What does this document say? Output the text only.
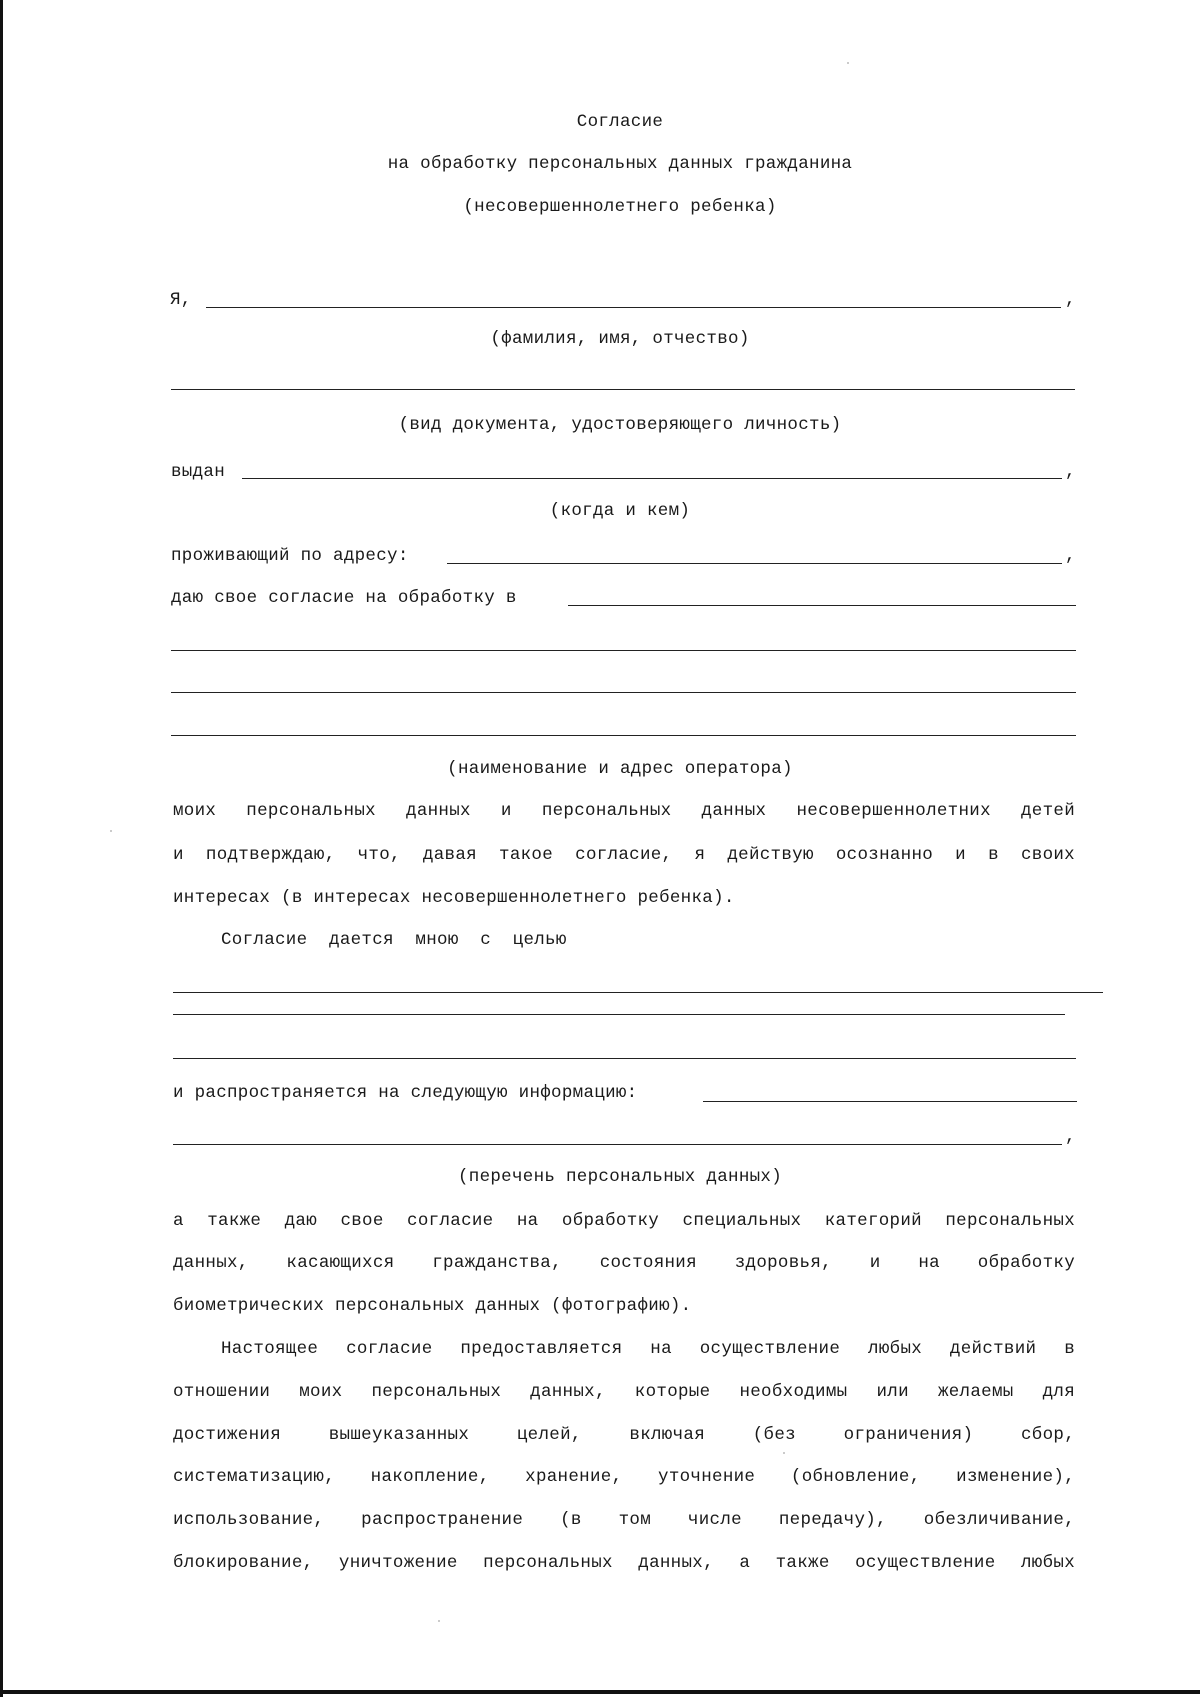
Согласие
на обработку персональных данных гражданина
(несовершеннолетнего ребенка)
Я,	,
(фамилия, имя, отчество)
(вид документа, удостоверяющего личность)
выдан	,
(когда и кем)
проживающий по адресу:	,
даю свое согласие на обработку в
(наименование и адрес оператора)
моих персональных данных и персональных данных несовершеннолетних детей
и подтверждаю, что, давая такое согласие, я действую осознанно и в своих
интересах (в интересах несовершеннолетнего ребенка).
Согласие  дается  мною  с  целью
и распространяется на следующую информацию:
,
(перечень персональных данных)
а также даю свое согласие на обработку специальных категорий персональных
данных, касающихся гражданства, состояния здоровья, и на обработку
биометрических персональных данных (фотографию).
Настоящее согласие предоставляется на осуществление любых действий в
отношении моих персональных данных, которые необходимы или желаемы для
достижения вышеуказанных целей, включая (без ограничения) сбор,
систематизацию, накопление, хранение, уточнение (обновление, изменение),
использование, распространение (в том числе передачу), обезличивание,
блокирование, уничтожение персональных данных, а также осуществление любых
